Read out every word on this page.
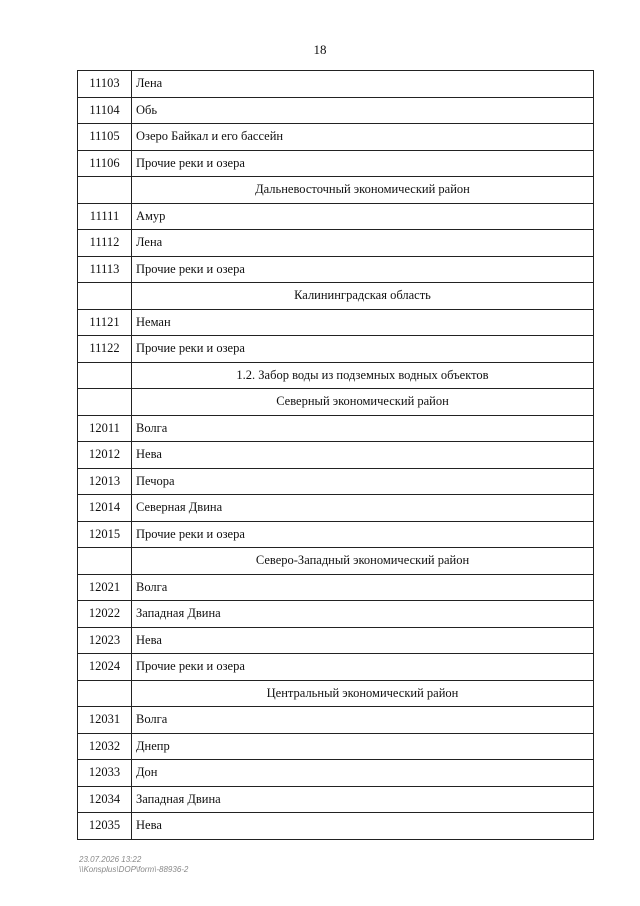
18
11103	Лена
11104	Обь
11105	Озеро Байкал и его бассейн
11106	Прочие реки и озера
	Дальневосточный экономический район
11111	Амур
11112	Лена
11113	Прочие реки и озера
	Калининградская область
11121	Неман
11122	Прочие реки и озера
	1.2. Забор воды из подземных водных объектов
	Северный экономический район
12011	Волга
12012	Нева
12013	Печора
12014	Северная Двина
12015	Прочие реки и озера
	Северо-Западный экономический район
12021	Волга
12022	Западная Двина
12023	Нева
12024	Прочие реки и озера
	Центральный экономический район
12031	Волга
12032	Днепр
12033	Дон
12034	Западная Двина
12035	Нева
23.07.2026 13:22
\\Konsplus\DOP\form\-88936-2
